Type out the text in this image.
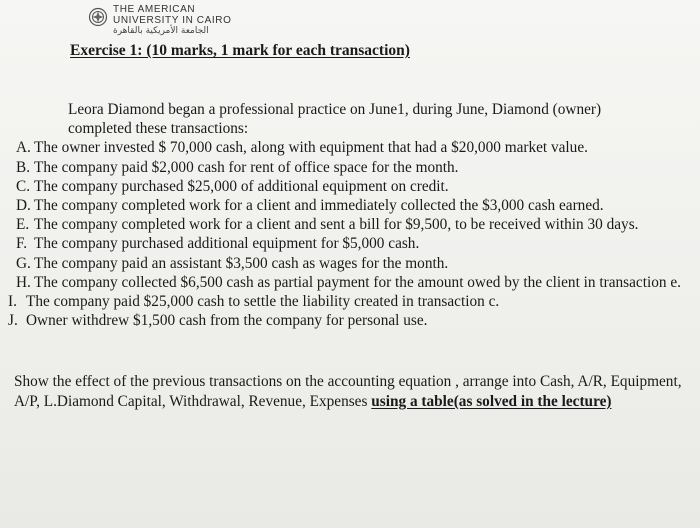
THE AMERICAN
UNIVERSITY IN CAIRO
الجامعة الأمريكية بالقاهرة
Exercise 1: (10 marks, 1 mark for each transaction)

Leora Diamond began a professional practice on June1, during June, Diamond (owner) completed these transactions:

A. The owner invested $ 70,000 cash, along with equipment that had a $20,000 market value.
B. The company paid $2,000 cash for rent of office space for the month.
C. The company purchased $25,000 of additional equipment on credit.
D. The company completed work for a client and immediately collected the $3,000 cash earned.
E. The company completed work for a client and sent a bill for $9,500, to be received within 30 days.
F. The company purchased additional equipment for $5,000 cash.
G. The company paid an assistant $3,500 cash as wages for the month.
H. The company collected $6,500 cash as partial payment for the amount owed by the client in transaction e.
I. The company paid $25,000 cash to settle the liability created in transaction c.
J. Owner withdrew $1,500 cash from the company for personal use.

Show the effect of the previous transactions on the accounting equation , arrange into Cash, A/R, Equipment, A/P, L.Diamond Capital, Withdrawal, Revenue, Expenses using a table(as solved in the lecture)
